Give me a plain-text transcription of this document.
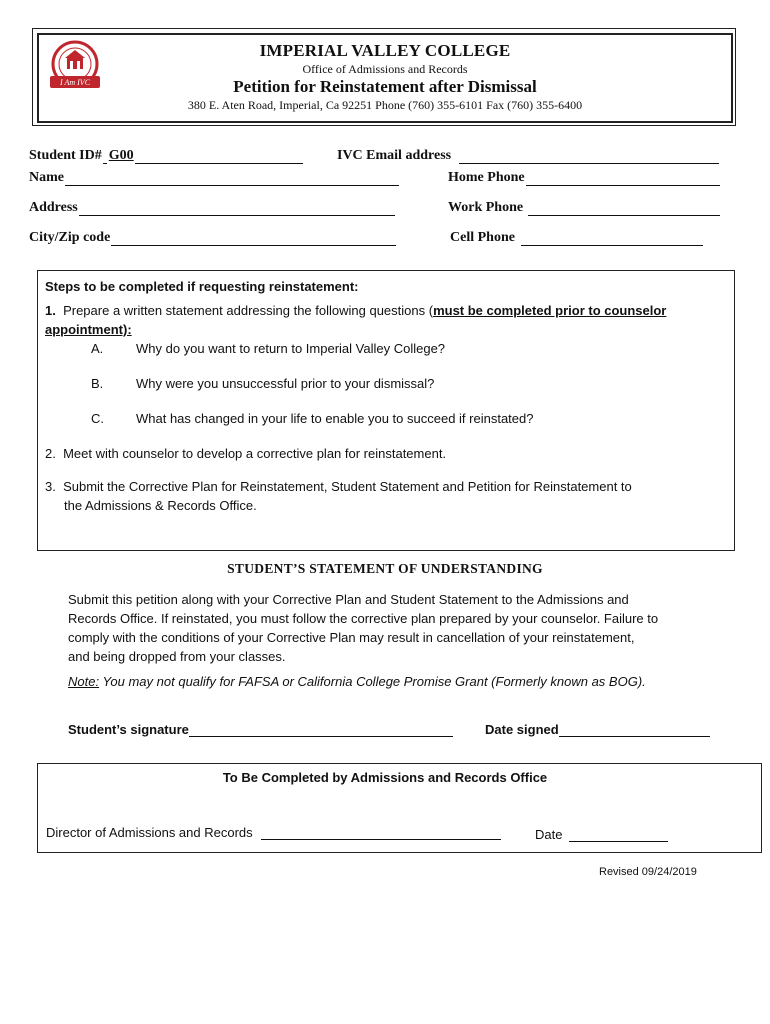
I Am IVC
IMPERIAL VALLEY COLLEGE
Office of Admissions and Records
Petition for Reinstatement after Dismissal
380 E. Aten Road, Imperial, Ca 92251 Phone (760) 355-6101 Fax (760) 355-6400
Student ID# G00	IVC Email address
Name	Home Phone
Address	Work Phone
City/Zip code	Cell Phone
Steps to be completed if requesting reinstatement:
1. Prepare a written statement addressing the following questions (must be completed prior to counselor
appointment):
A.	Why do you want to return to Imperial Valley College?
B.	Why were you unsuccessful prior to your dismissal?
C. What has changed in your life to enable you to succeed if reinstated?
2. Meet with counselor to develop a corrective plan for reinstatement.
3. Submit the Corrective Plan for Reinstatement, Student Statement and Petition for Reinstatement to
the Admissions & Records Office.
STUDENT’S STATEMENT OF UNDERSTANDING
Submit this petition along with your Corrective Plan and Student Statement to the Admissions and
Records Office. If reinstated, you must follow the corrective plan prepared by your counselor. Failure to
comply with the conditions of your Corrective Plan may result in cancellation of your reinstatement,
and being dropped from your classes.
Note: You may not qualify for FAFSA or California College Promise Grant (Formerly known as BOG).
Student’s signature	Date signed
To Be Completed by Admissions and Records Office
Director of Admissions and Records	Date
Revised 09/24/2019
